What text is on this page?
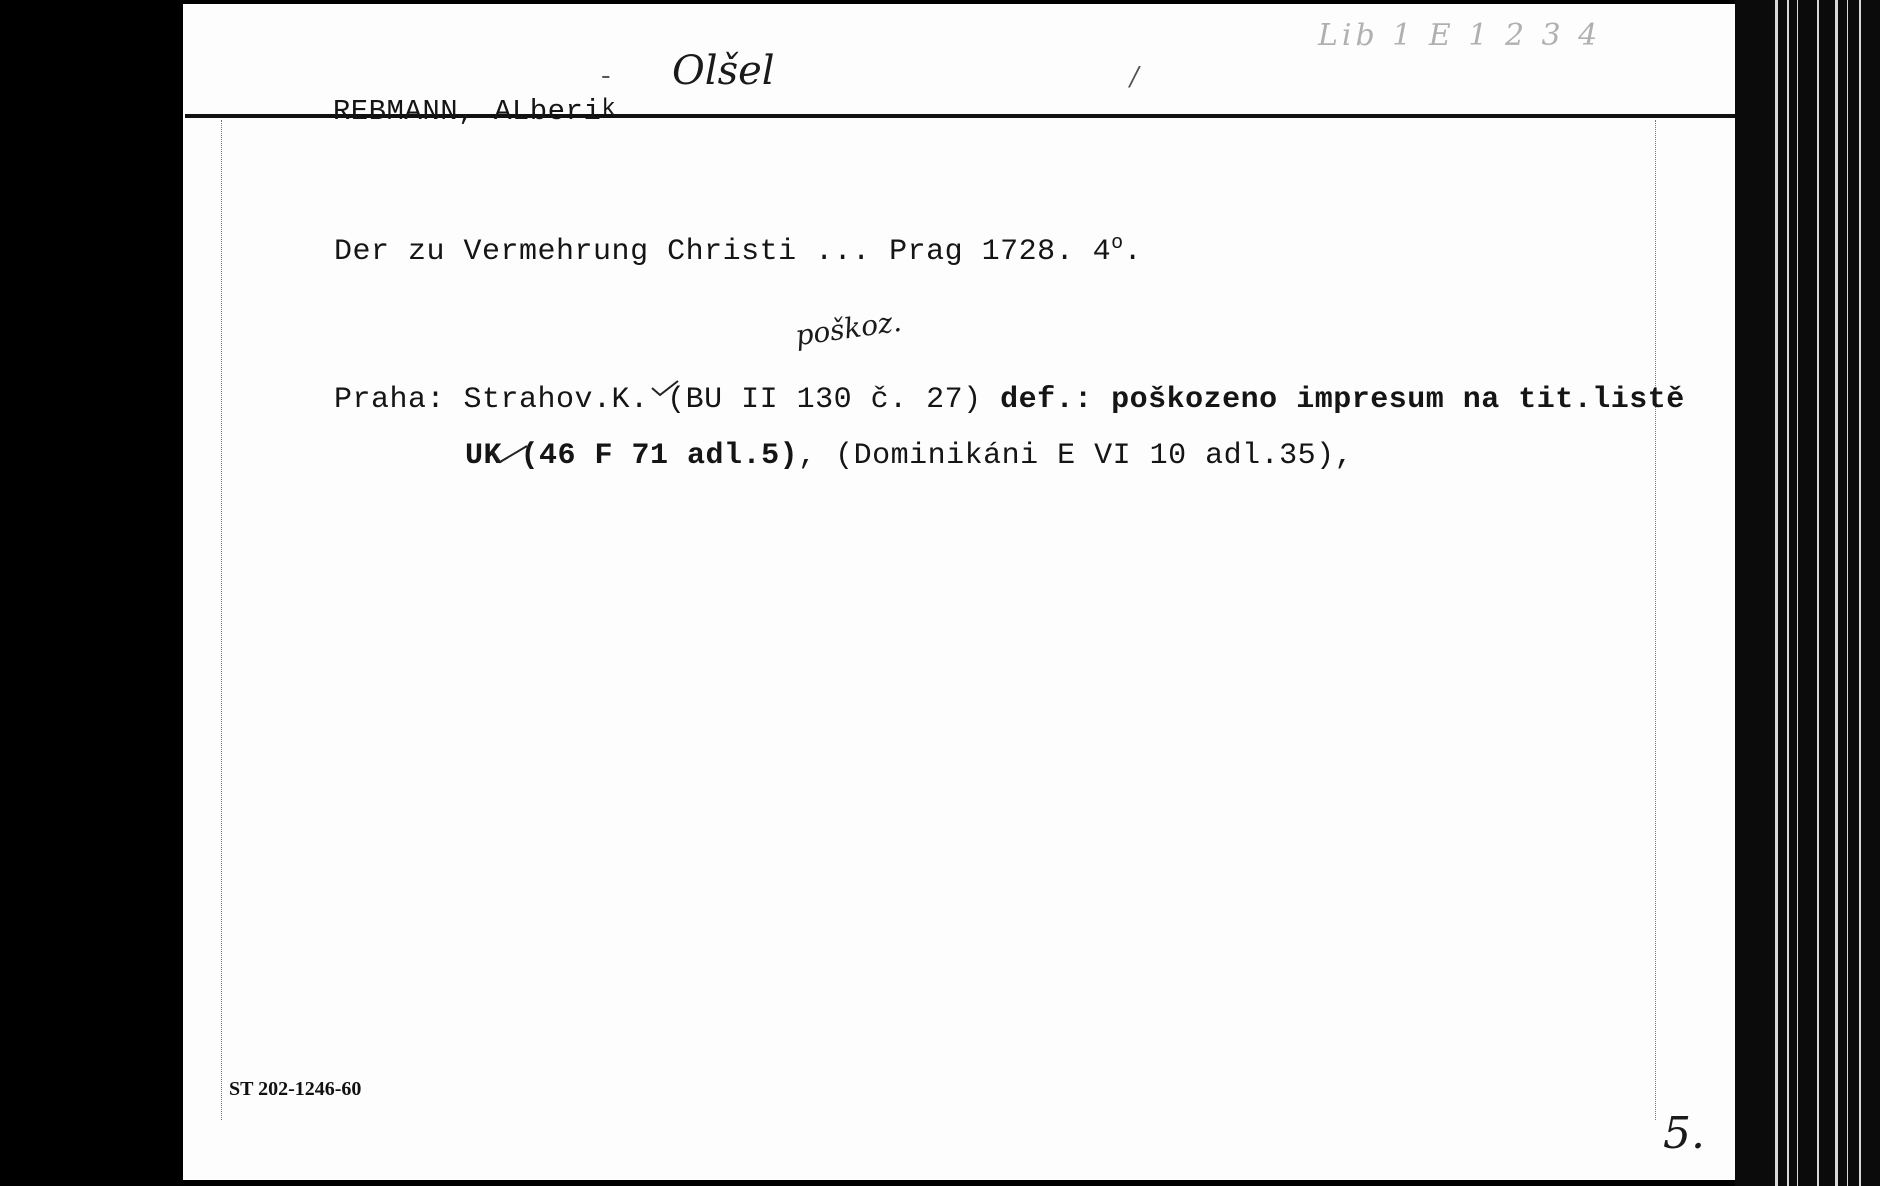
REBMANN, ALberik

- Olšel	/
Lib 1 E 1 2 3 4

Der zu Vermehrung Christi ... Prag 1728. 4$^o$.

poškoz.

Praha: Strahov.K. (BU II 130 č. 27) def.: poškozeno impresum na tit.listě

UK (46 F 71 adl.5), (Dominikáni E VI 10 adl.35),

ST 202-1246-60
5.
